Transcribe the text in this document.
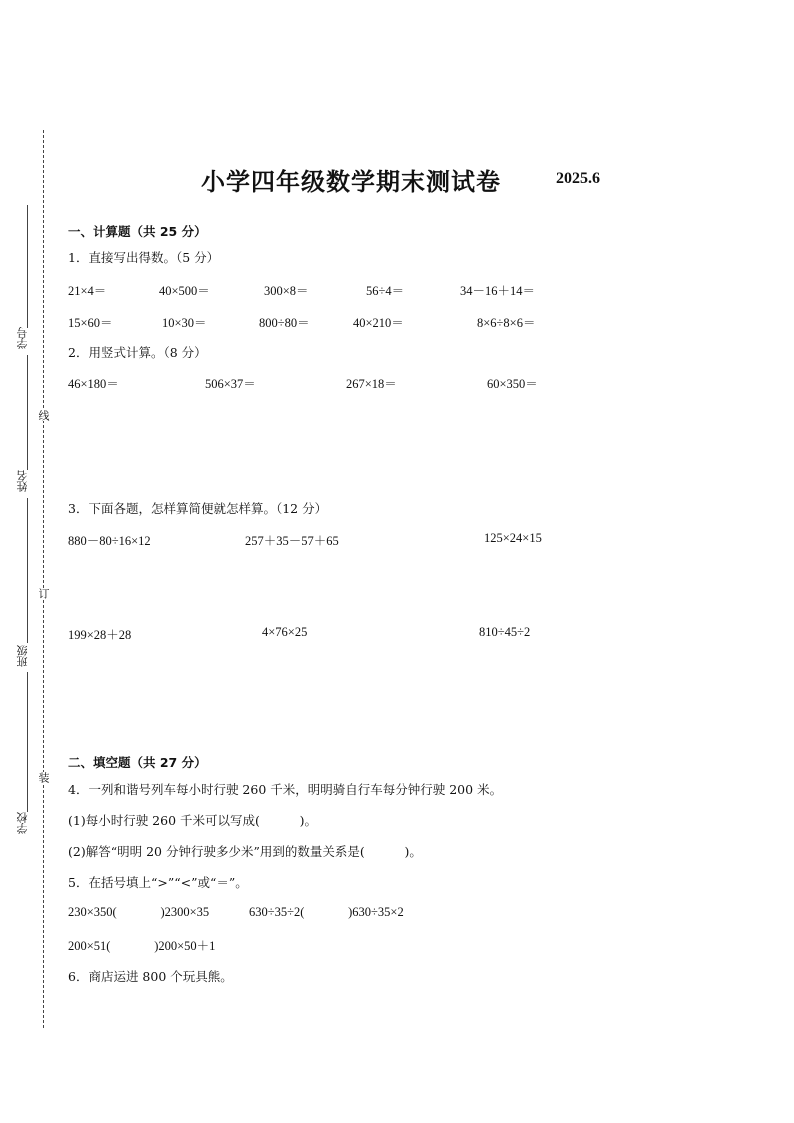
学号
姓名
班级
学校
线
订
装
小学四年级数学期末测试卷	2025.6
一、计算题（共 25 分）
1．直接写出得数。（5 分）
21×4＝	40×500＝	300×8＝	56÷4＝	34－16＋14＝
15×60＝	10×30＝	800÷80＝	40×210＝	8×6÷8×6＝
2．用竖式计算。（8 分）
46×180＝	506×37＝	267×18＝	60×350＝
3．下面各题，怎样算简便就怎样算。（12 分）
880－80÷16×12	257＋35－57＋65	125×24×15
199×28＋28	4×76×25	810÷45÷2
二、填空题（共 27 分）
4．一列和谐号列车每小时行驶 260 千米，明明骑自行车每分钟行驶 200 米。
(1)每小时行驶 260 千米可以写成(          )。
(2)解答“明明 20 分钟行驶多少米”用到的数量关系是(          )。
5．在括号填上“>”“<”或“＝”。
230×350(              )2300×35	630÷35÷2(              )630÷35×2
200×51(              )200×50＋1
6．商店运进 800 个玩具熊。
